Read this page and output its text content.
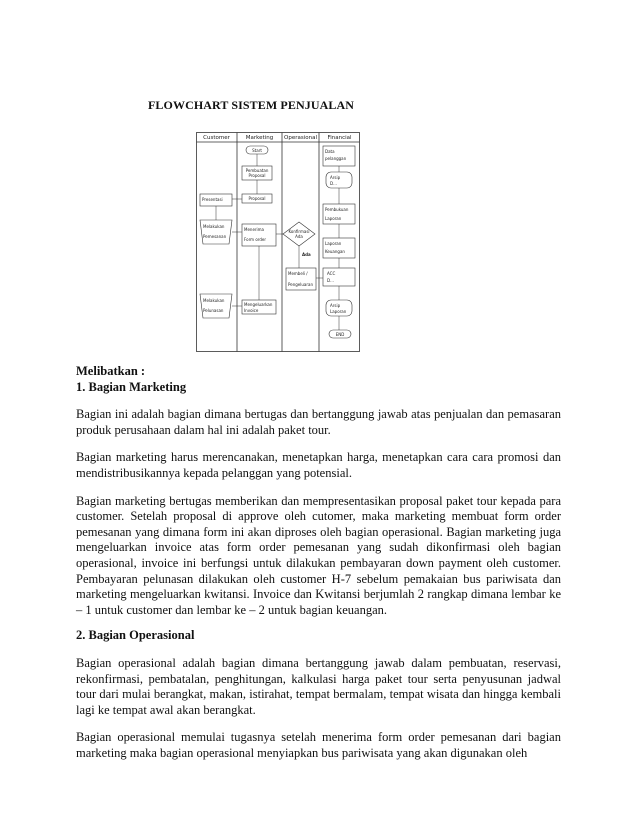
FLOWCHART SISTEM PENJUALAN
Customer	Marketing Operasional Financial
Start
Pembuatan
Proposal
Proposal
Presentasi
Melakukan
Pemesanan
Menerima
Form order
Konfirmasi
Ada
Ada
Membeli /
Pengeluaran
Data
pelanggan
Arsip
D...
Pembukuan
Laporan
Laporan
Keuangan
ACC
D...
Melakukan
Pelunasan
Mengeluarkan
Invoice
Arsip
Laporan
END
Melibatkan :
1. Bagian Marketing

Bagian ini adalah bagian dimana bertugas dan bertanggung jawab atas penjualan dan pemasaran produk perusahaan dalam hal ini adalah paket tour.

Bagian marketing harus merencanakan, menetapkan harga, menetapkan cara cara promosi dan mendistribusikannya kepada pelanggan yang potensial.

Bagian marketing bertugas memberikan dan mempresentasikan proposal paket tour kepada para customer. Setelah proposal di approve oleh cutomer, maka marketing membuat form order pemesanan yang dimana form ini akan diproses oleh bagian operasional. Bagian marketing juga mengeluarkan invoice atas form order pemesanan yang sudah dikonfirmasi oleh bagian operasional, invoice ini berfungsi untuk dilakukan pembayaran down payment oleh customer. Pembayaran pelunasan dilakukan oleh customer H-7 sebelum pemakaian bus pariwisata dan marketing mengeluarkan kwitansi. Invoice dan Kwitansi berjumlah 2 rangkap dimana lembar ke – 1 untuk customer dan lembar ke – 2 untuk bagian keuangan.

2. Bagian Operasional

Bagian operasional adalah bagian dimana bertanggung jawab dalam pembuatan, reservasi, rekonfirmasi, pembatalan, penghitungan, kalkulasi harga paket tour serta penyusunan jadwal tour dari mulai berangkat, makan, istirahat, tempat bermalam, tempat wisata dan hingga kembali lagi ke tempat awal akan berangkat.

Bagian operasional memulai tugasnya setelah menerima form order pemesanan dari bagian marketing maka bagian operasional menyiapkan bus pariwisata yang akan digunakan oleh
